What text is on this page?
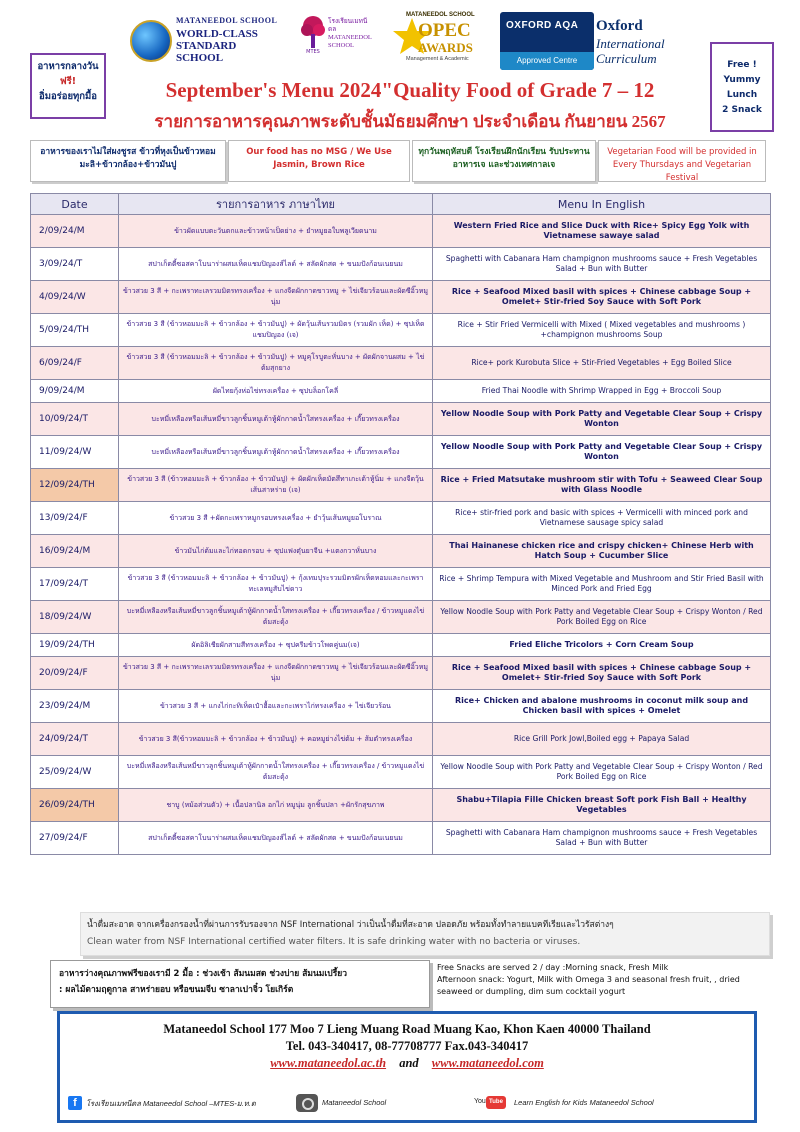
MATANEEDOL SCHOOL
WORLD-CLASS STANDARD SCHOOL	MTES
โรงเรียนเมทนีดล MATANEEDOL SCHOOL
MATANEEDOL SCHOOL
OPEC
AWARDS
Management & Academic
OXFORD AQA
Approved Centre
Oxford
International Curriculum
อาหารกลางวัน
ฟรี!
อิ่มอร่อยทุกมื้อ
Free !
Yummy
Lunch
2 Snack
September's Menu 2024"Quality Food of Grade 7 – 12
รายการอาหารคุณภาพระดับชั้นมัธยมศึกษา ประจำเดือน กันยายน 2567
อาหารของเราไม่ใส่ผงชูรส ข้าวที่หุงเป็นข้าวหอมมะลิ+ข้าวกล้อง+ข้าวมันปู
Our food has no MSG / We Use Jasmin, Brown Rice
ทุกวันพฤหัสบดี โรงเรียนฝึกนักเรียน รับประทานอาหารเจ และช่วงเทศกาลเจ
Vegetarian Food will be provided in Every Thursdays and Vegetarian Festival
Date	รายการอาหาร ภาษาไทย	Menu In English
2/09/24/M	ข้าวผัดแบบตะวันตกและข้าวหน้าเป็ดย่าง + ยำหมูยอใบพลูเวียดนาม	Western Fried Rice and Slice Duck with Rice+ Spicy Egg Yolk with Vietnamese sawaye salad
3/09/24/T	สปาเก็ตตี้ซอสคาโบนาร่าผสมเห็ดแชมปิญองส์ไลด์ + สลัดผักสด + ขนมปังก้อนเนยนม	Spaghetti with Cabanara Ham champignon mushrooms sauce + Fresh Vegetables Salad + Bun with Butter
4/09/24/W	ข้าวสวย 3 สี + กะเพราทะเลรวมมิตรทรงเครื่อง + แกงจืดผักกาดขาวหมู + ไข่เจียวร้อนและผัดซีอิ๊วหมูนุ่ม	Rice + Seafood Mixed basil with spices + Chinese cabbage Soup + Omelet+ Stir-fried Soy Sauce with Soft Pork
5/09/24/TH	ข้าวสวย 3 สี (ข้าวหอมมะลิ + ข้าวกล้อง + ข้าวมันปู) + ผัดวุ้นเส้นรวมมิตร (รวมผัก เห็ด) + ซุปเห็ดแชมปิญอง (เจ)	Rice + Stir Fried Vermicelli with Mixed ( Mixed vegetables and mushrooms ) +champignon mushrooms Soup
6/09/24/F	ข้าวสวย 3 สี (ข้าวหอมมะลิ + ข้าวกล้อง + ข้าวมันปู) + หมูคุโรบูตะหั่นบาง + ผัดผักจานผสม + ไข่ต้มสุกยาง	Rice+ pork Kurobuta Slice + Stir-Fried Vegetables + Egg Boiled Slice
9/09/24/M	ผัดไทยกุ้งห่อไข่ทรงเครื่อง + ซุปบล็อกโคลี่	Fried Thai Noodle with Shrimp Wrapped in Egg + Broccoli Soup
10/09/24/T	บะหมี่เหลืองหรือเส้นหมี่ขาวลูกชิ้นหมูเต้าหู้ผักกาดน้ำใสทรงเครื่อง + เกี๊ยวทรงเครื่อง	Yellow Noodle Soup with Pork Patty and Vegetable Clear Soup + Crispy Wonton
11/09/24/W	บะหมี่เหลืองหรือเส้นหมี่ขาวลูกชิ้นหมูเต้าหู้ผักกาดน้ำใสทรงเครื่อง + เกี๊ยวทรงเครื่อง	Yellow Noodle Soup with Pork Patty and Vegetable Clear Soup + Crispy Wonton
12/09/24/TH	ข้าวสวย 3 สี (ข้าวหอมมะลิ + ข้าวกล้อง + ข้าวมันปู) + ผัดผักเห็ดมัตสึทาเกะเต้าหู้นิ่ม + แกงจืดวุ้นเส้นสาหร่าย (เจ)	Rice + Fried Matsutake mushroom stir with Tofu + Seaweed Clear Soup with Glass Noodle
13/09/24/F	ข้าวสวย 3 สี +ผัดกะเพราหมูกรอบทรงเครื่อง + ยำวุ้นเส้นหมูยอโบราณ	Rice+ stir-fried pork and basic with spices + Vermicelli with minced pork and Vietnamese sausage spicy salad
16/09/24/M	ข้าวมันไก่ต้มและไก่ทอดกรอบ + ซุปแฟงตุ๋นยาจีน +แตงกวาหั่นบาง	Thai Hainanese chicken rice and crispy chicken+ Chinese Herb with Hatch Soup + Cucumber Slice
17/09/24/T	ข้าวสวย 3 สี (ข้าวหอมมะลิ + ข้าวกล้อง + ข้าวมันปู) + กุ้งเทมปุระรวมมิตรผักเห็ดหอมและกะเพราทะเลหมูสับไข่ดาว	Rice + Shrimp Tempura with Mixed Vegetable and Mushroom and Stir Fried Basil with Minced Pork and Fried Egg
18/09/24/W	บะหมี่เหลืองหรือเส้นหมี่ขาวลูกชิ้นหมูเต้าหู้ผักกาดน้ำใสทรงเครื่อง + เกี๊ยวทรงเครื่อง / ข้าวหมูแดงไข่ต้มสะดุ้ง	Yellow Noodle Soup with Pork Patty and Vegetable Clear Soup + Crispy Wonton / Red Pork Boiled Egg on Rice
19/09/24/TH	ผัดอิลิเชียผักสามสีทรงเครื่อง + ซุปครีมข้าวโพดคู่นม(เจ)	Fried Eliche Tricolors + Corn Cream Soup
20/09/24/F	ข้าวสวย 3 สี + กะเพราทะเลรวมมิตรทรงเครื่อง + แกงจืดผักกาดขาวหมู + ไข่เจียวร้อนและผัดซีอิ๊วหมูนุ่ม	Rice + Seafood Mixed basil with spices + Chinese cabbage Soup + Omelet+ Stir-fried Soy Sauce with Soft Pork
23/09/24/M	ข้าวสวย 3 สี + แกงไก่กะทิเห็ดเป๋าฮื้อและกะเพราไก่ทรงเครื่อง + ไข่เจียวร้อน	Rice+ Chicken and abalone mushrooms in coconut milk soup and Chicken basil with spices + Omelet
24/09/24/T	ข้าวสวย 3 สี(ข้าวหอมมะลิ + ข้าวกล้อง + ข้าวมันปู) + คอหมูย่างไข่ต้ม + ส้มตำทรงเครื่อง	Rice Grill Pork Jowl,Boiled egg + Papaya Salad
25/09/24/W	บะหมี่เหลืองหรือเส้นหมี่ขาวลูกชิ้นหมูเต้าหู้ผักกาดน้ำใสทรงเครื่อง + เกี๊ยวทรงเครื่อง / ข้าวหมูแดงไข่ต้มสะดุ้ง	Yellow Noodle Soup with Pork Patty and Vegetable Clear Soup + Crispy Wonton / Red Pork Boiled Egg on Rice
26/09/24/TH	ชาบู (หม้อส่วนตัว) + เนื้อปลานิล อกไก่ หมูนุ่ม ลูกชิ้นปลา +ผักรักสุขภาพ	Shabu+Tilapia Fille Chicken breast Soft pork Fish Ball + Healthy Vegetables
27/09/24/F	สปาเก็ตตี้ซอสคาโบนาร่าผสมเห็ดแชมปิญองส์ไลด์ + สลัดผักสด + ขนมปังก้อนเนยนม	Spaghetti with Cabanara Ham champignon mushrooms sauce + Fresh Vegetables Salad + Bun with Butter
น้ำดื่มสะอาด จากเครื่องกรองน้ำที่ผ่านการรับรองจาก NSF International ว่าเป็นน้ำดื่มที่สะอาด ปลอดภัย พร้อมทั้งทำลายแบคทีเรียและไวรัสต่างๆ
Clean water from NSF International certified water filters. It is safe drinking water with no bacteria or viruses.
อาหารว่างคุณภาพฟรีของเรามี 2 มื้อ : ช่วงเช้า ส้มนมสด ช่วงบ่าย ส้มนมเปรี้ยว
: ผลไม้ตามฤดูกาล สาหร่ายอบ หรือขนมจีบ ซาลาเปาจิ๋ว โยเกิร์ต
Free Snacks are served 2 / day :Morning snack, Fresh Milk
Afternoon snack: Yogurt, Milk with Omega 3 and seasonal fresh fruit, , dried seaweed or dumpling, dim sum cocktail yogurt
Mataneedol School 177 Moo 7 Lieng Muang Road Muang Kao, Khon Kaen 40000 Thailand
Tel. 043-340417, 08-77708777 Fax.043-340417
www.mataneedol.ac.th and www.mataneedol.com
f	โรงเรียนเมทนีดล Mataneedol School –MTES-ม.ท.ด	Mataneedol School	You Tube	Learn English for Kids Mataneedol School
